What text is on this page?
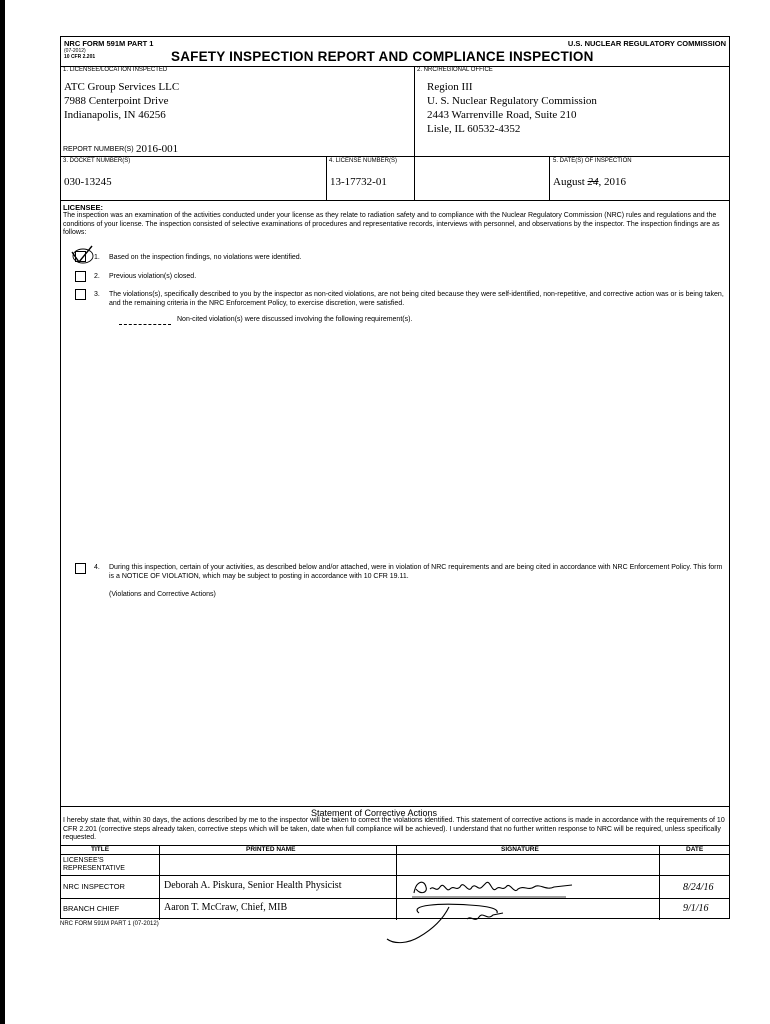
NRC FORM 591M PART 1
(07-2012)
10 CFR 2.201
U.S. NUCLEAR REGULATORY COMMISSION
SAFETY INSPECTION REPORT AND COMPLIANCE INSPECTION
1. LICENSEE/LOCATION INSPECTED
ATC Group Services LLC
7988 Centerpoint Drive
Indianapolis, IN 46256
REPORT NUMBER(S) 2016-001
2. NRC/REGIONAL OFFICE
Region III
U. S. Nuclear Regulatory Commission
2443 Warrenville Road, Suite 210
Lisle, IL 60532-4352
3. DOCKET NUMBER(S)
030-13245
4. LICENSE NUMBER(S)
13-17732-01
5. DATE(S) OF INSPECTION
August 24, 2016
LICENSEE:
The inspection was an examination of the activities conducted under your license as they relate to radiation safety and to compliance with the Nuclear Regulatory Commission (NRC) rules and regulations and the conditions of your license. The inspection consisted of selective examinations of procedures and representative records, interviews with personnel, and observations by the inspector. The inspection findings are as follows:
1. Based on the inspection findings, no violations were identified.
2. Previous violation(s) closed.
3. The violations(s), specifically described to you by the inspector as non-cited violations, are not being cited because they were self-identified, non-repetitive, and corrective action was or is being taken, and the remaining criteria in the NRC Enforcement Policy, to exercise discretion, were satisfied.
Non-cited violation(s) were discussed involving the following requirement(s).
4. During this inspection, certain of your activities, as described below and/or attached, were in violation of NRC requirements and are being cited in accordance with NRC Enforcement Policy. This form is a NOTICE OF VIOLATION, which may be subject to posting in accordance with 10 CFR 19.11.
(Violations and Corrective Actions)
Statement of Corrective Actions
I hereby state that, within 30 days, the actions described by me to the inspector will be taken to correct the violations identified. This statement of corrective actions is made in accordance with the requirements of 10 CFR 2.201 (corrective steps already taken, corrective steps which will be taken, date when full compliance will be achieved). I understand that no further written response to NRC will be required, unless specifically requested.
TITLE	PRINTED NAME	SIGNATURE	DATE
LICENSEE'S REPRESENTATIVE
NRC INSPECTOR	Deborah A. Piskura, Senior Health Physicist	8/24/16
BRANCH CHIEF	Aaron T. McCraw, Chief, MIB	9/1/16
NRC FORM 591M PART 1 (07-2012)
